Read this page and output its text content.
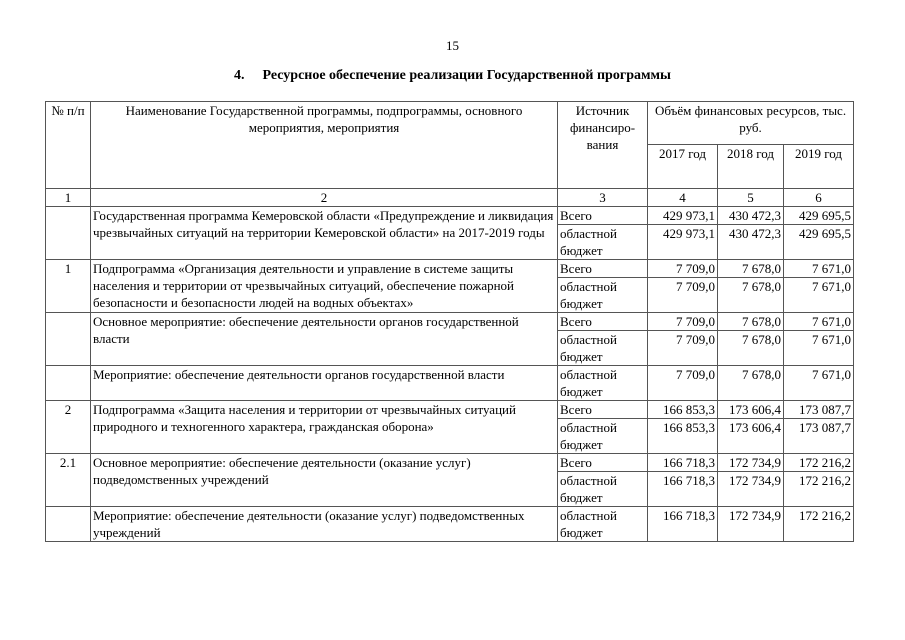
15
4. Ресурсное обеспечение реализации Государственной программы
№ п/п	Наименование Государственной программы, подпрограммы, основного мероприятия, мероприятия	Источник финансиро-вания	Объём финансовых ресурсов, тыс. руб.		
			2017 год	2018 год	2019 год
1	2	3	4	5	6
	Государственная программа Кемеровской области «Предупреждение и ликвидация чрезвычайных ситуаций на территории Кемеровской области» на 2017-2019 годы	Всего	429 973,1	430 472,3	429 695,5
		областной бюджет	429 973,1	430 472,3	429 695,5
1	Подпрограмма «Организация деятельности и управление в системе защиты населения и территории от чрезвычайных ситуаций, обеспечение пожарной безопасности и безопасности людей на водных объектах»	Всего	7 709,0	7 678,0	7 671,0
		областной бюджет	7 709,0	7 678,0	7 671,0
	Основное мероприятие: обеспечение деятельности органов государственной власти	Всего	7 709,0	7 678,0	7 671,0
		областной бюджет	7 709,0	7 678,0	7 671,0
	Мероприятие: обеспечение деятельности органов государственной власти	областной бюджет	7 709,0	7 678,0	7 671,0
2	Подпрограмма «Защита населения и территории от чрезвычайных ситуаций природного и техногенного характера, гражданская оборона»	Всего	166 853,3	173 606,4	173 087,7
		областной бюджет	166 853,3	173 606,4	173 087,7
2.1	Основное мероприятие: обеспечение деятельности (оказание услуг) подведомственных учреждений	Всего	166 718,3	172 734,9	172 216,2
		областной бюджет	166 718,3	172 734,9	172 216,2
	Мероприятие: обеспечение деятельности (оказание услуг) подведомственных учреждений	областной бюджет	166 718,3	172 734,9	172 216,2
